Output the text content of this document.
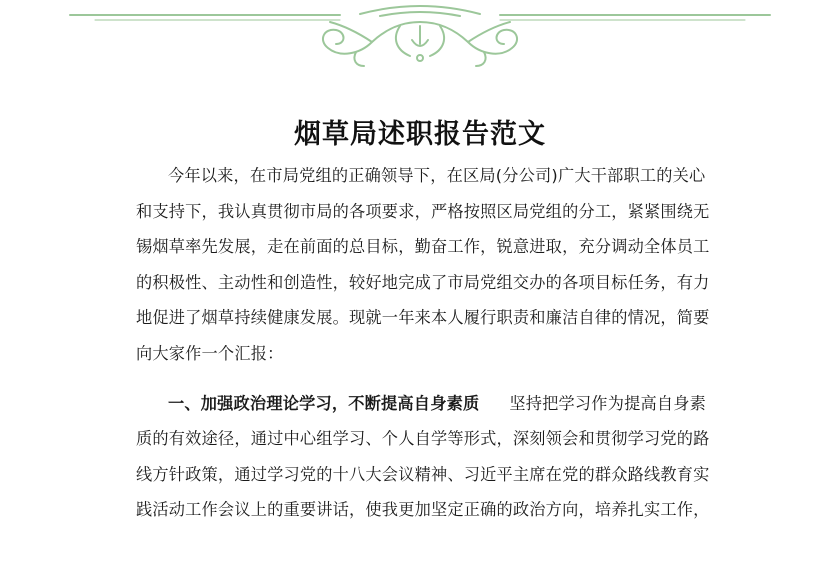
烟草局述职报告范文
今年以来，在市局党组的正确领导下，在区局(分公司)广大干部职工的关心
和支持下，我认真贯彻市局的各项要求，严格按照区局党组的分工，紧紧围绕无
锡烟草率先发展，走在前面的总目标，勤奋工作，锐意进取，充分调动全体员工
的积极性、主动性和创造性，较好地完成了市局党组交办的各项目标任务，有力
地促进了烟草持续健康发展。现就一年来本人履行职责和廉洁自律的情况，简要
向大家作一个汇报：
一、加强政治理论学习，不断提高自身素质 坚持把学习作为提高自身素
质的有效途径，通过中心组学习、个人自学等形式，深刻领会和贯彻学习党的路
线方针政策，通过学习党的十八大会议精神、习近平主席在党的群众路线教育实
践活动工作会议上的重要讲话，使我更加坚定正确的政治方向，培养扎实工作，
